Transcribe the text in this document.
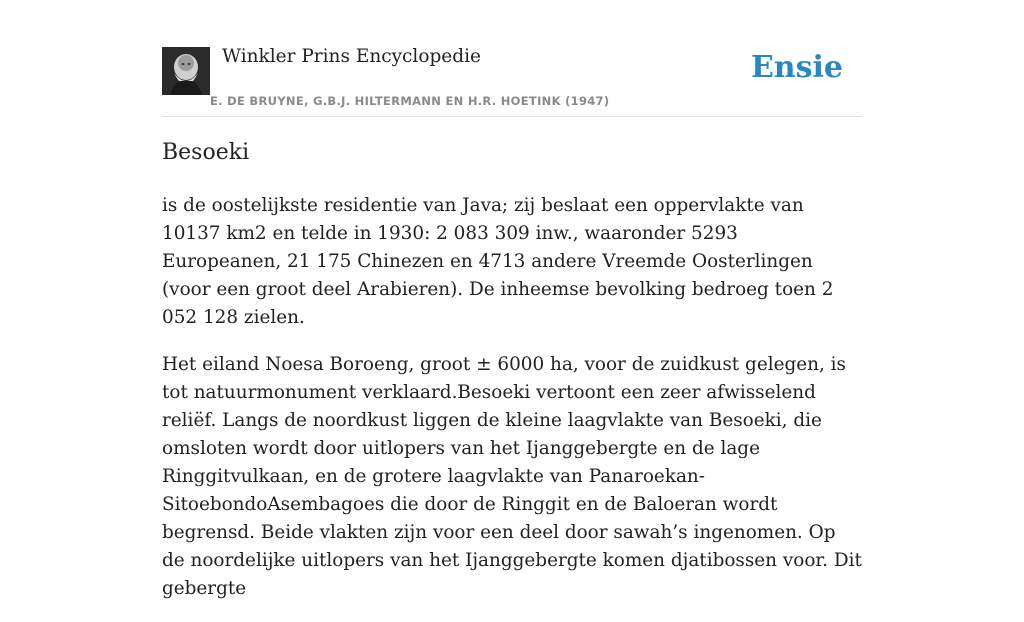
Winkler Prins Encyclopedie
E. DE BRUYNE, G.B.J. HILTERMANN EN H.R. HOETINK (1947)
Ensie
Besoeki

is de oostelijkste residentie van Java; zij beslaat een oppervlakte van 10137 km2 en telde in 1930: 2 083 309 inw., waaronder 5293 Europeanen, 21 175 Chinezen en 4713 andere Vreemde Oosterlingen (voor een groot deel Arabieren). De inheemse bevolking bedroeg toen 2 052 128 zielen.

Het eiland Noesa Boroeng, groot ± 6000 ha, voor de zuidkust gelegen, is tot natuurmonument verklaard.Besoeki vertoont een zeer afwisselend reliëf. Langs de noordkust liggen de kleine laagvlakte van Besoeki, die omsloten wordt door uitlopers van het Ijanggebergte en de lage Ringgitvulkaan, en de grotere laagvlakte van Panaroekan-SitoebondoAsembagoes die door de Ringgit en de Baloeran wordt begrensd. Beide vlakten zijn voor een deel door sawah’s ingenomen. Op de noordelijke uitlopers van het Ijanggebergte komen djatibossen voor. Dit gebergte
